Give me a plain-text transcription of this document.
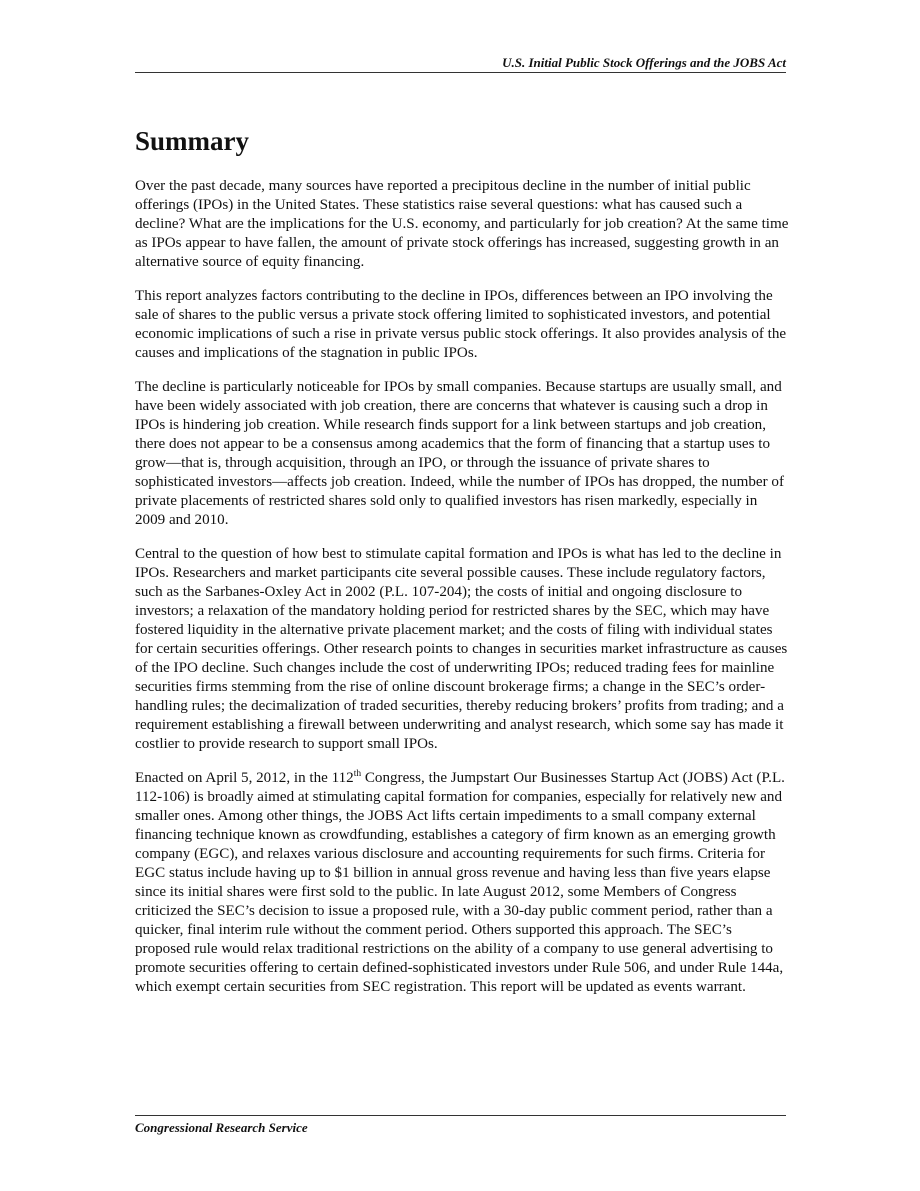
U.S. Initial Public Stock Offerings and the JOBS Act
Summary

Over the past decade, many sources have reported a precipitous decline in the number of initial public offerings (IPOs) in the United States. These statistics raise several questions: what has caused such a decline? What are the implications for the U.S. economy, and particularly for job creation? At the same time as IPOs appear to have fallen, the amount of private stock offerings has increased, suggesting growth in an alternative source of equity financing.

This report analyzes factors contributing to the decline in IPOs, differences between an IPO involving the sale of shares to the public versus a private stock offering limited to sophisticated investors, and potential economic implications of such a rise in private versus public stock offerings. It also provides analysis of the causes and implications of the stagnation in public IPOs.

The decline is particularly noticeable for IPOs by small companies. Because startups are usually small, and have been widely associated with job creation, there are concerns that whatever is causing such a drop in IPOs is hindering job creation. While research finds support for a link between startups and job creation, there does not appear to be a consensus among academics that the form of financing that a startup uses to grow—that is, through acquisition, through an IPO, or through the issuance of private shares to sophisticated investors—affects job creation. Indeed, while the number of IPOs has dropped, the number of private placements of restricted shares sold only to qualified investors has risen markedly, especially in 2009 and 2010.

Central to the question of how best to stimulate capital formation and IPOs is what has led to the decline in IPOs. Researchers and market participants cite several possible causes. These include regulatory factors, such as the Sarbanes-Oxley Act in 2002 (P.L. 107-204); the costs of initial and ongoing disclosure to investors; a relaxation of the mandatory holding period for restricted shares by the SEC, which may have fostered liquidity in the alternative private placement market; and the costs of filing with individual states for certain securities offerings. Other research points to changes in securities market infrastructure as causes of the IPO decline. Such changes include the cost of underwriting IPOs; reduced trading fees for mainline securities firms stemming from the rise of online discount brokerage firms; a change in the SEC’s order-handling rules; the decimalization of traded securities, thereby reducing brokers’ profits from trading; and a requirement establishing a firewall between underwriting and analyst research, which some say has made it costlier to provide research to support small IPOs.

Enacted on April 5, 2012, in the 112th Congress, the Jumpstart Our Businesses Startup Act (JOBS) Act (P.L. 112-106) is broadly aimed at stimulating capital formation for companies, especially for relatively new and smaller ones. Among other things, the JOBS Act lifts certain impediments to a small company external financing technique known as crowdfunding, establishes a category of firm known as an emerging growth company (EGC), and relaxes various disclosure and accounting requirements for such firms. Criteria for EGC status include having up to $1 billion in annual gross revenue and having less than five years elapse since its initial shares were first sold to the public. In late August 2012, some Members of Congress criticized the SEC’s decision to issue a proposed rule, with a 30-day public comment period, rather than a quicker, final interim rule without the comment period. Others supported this approach. The SEC’s proposed rule would relax traditional restrictions on the ability of a company to use general advertising to promote securities offering to certain defined-sophisticated investors under Rule 506, and under Rule 144a, which exempt certain securities from SEC registration. This report will be updated as events warrant.

Congressional Research Service
